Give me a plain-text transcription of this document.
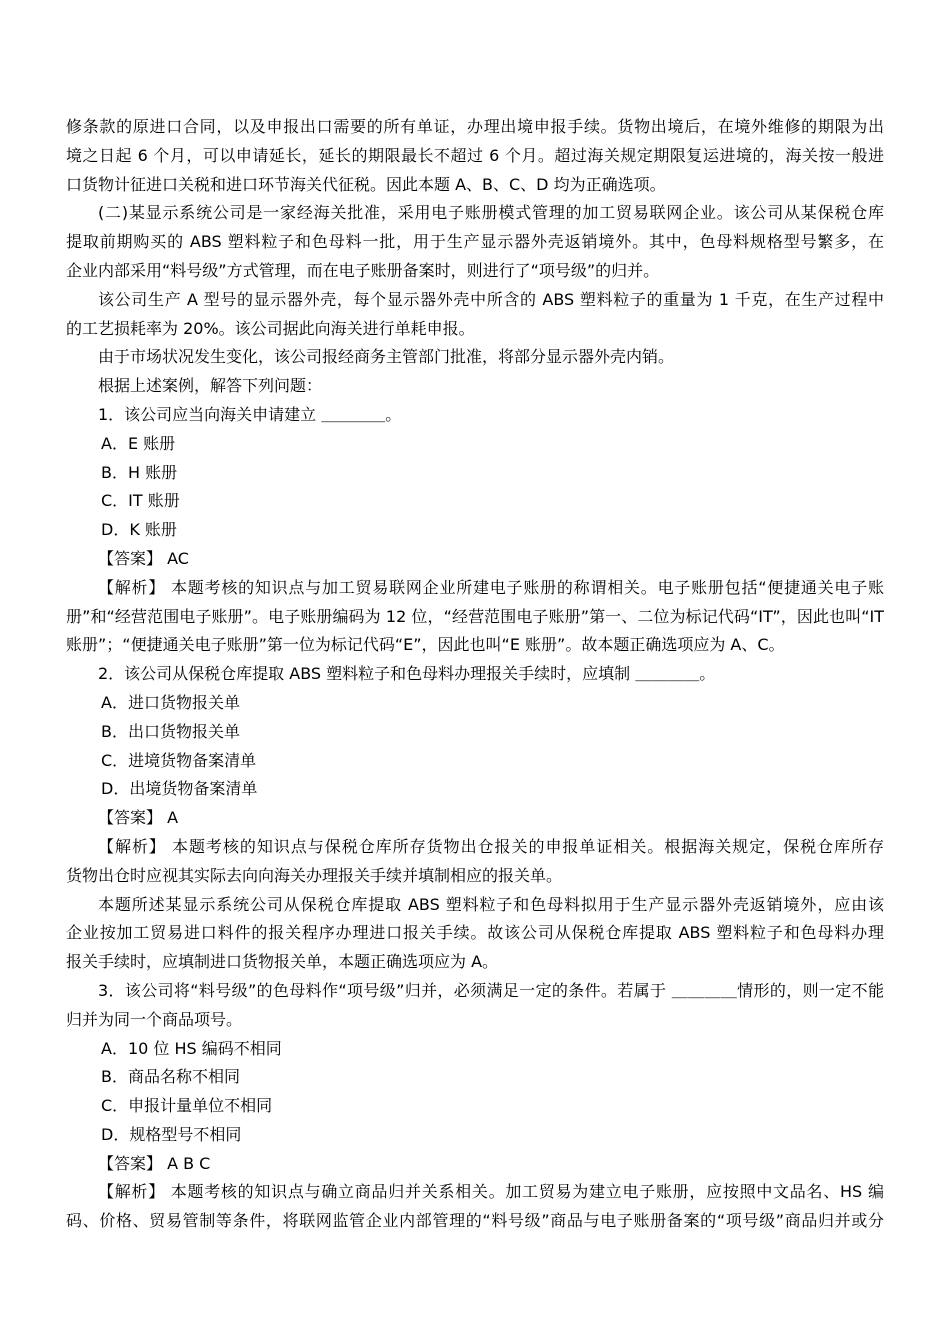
修条款的原进口合同，以及申报出口需要的所有单证，办理出境申报手续。货物出境后，在境外维修的期限为出
境之日起 6 个月，可以申请延长，延长的期限最长不超过 6 个月。超过海关规定期限复运进境的，海关按一般进
口货物计征进口关税和进口环节海关代征税。因此本题 A、B、C、D 均为正确选项。
(二)某显示系统公司是一家经海关批准，采用电子账册模式管理的加工贸易联网企业。该公司从某保税仓库
提取前期购买的 ABS 塑料粒子和色母料一批，用于生产显示器外壳返销境外。其中，色母料规格型号繁多，在
企业内部采用“料号级”方式管理，而在电子账册备案时，则进行了“项号级”的归并。
该公司生产 A 型号的显示器外壳，每个显示器外壳中所含的 ABS 塑料粒子的重量为 1 千克，在生产过程中
的工艺损耗率为 20%。该公司据此向海关进行单耗申报。
由于市场状况发生变化，该公司报经商务主管部门批准，将部分显示器外壳内销。
根据上述案例，解答下列问题：
1．该公司应当向海关申请建立 ＿＿＿＿。
A．E 账册
B．H 账册
C．IT 账册
D．K 账册
【答案】 AC
【解析】 本题考核的知识点与加工贸易联网企业所建电子账册的称谓相关。电子账册包括“便捷通关电子账
册”和“经营范围电子账册”。电子账册编码为 12 位，“经营范围电子账册”第一、二位为标记代码“IT”，因此也叫“IT
账册”；“便捷通关电子账册”第一位为标记代码“E”，因此也叫“E 账册”。故本题正确选项应为 A、C。
2．该公司从保税仓库提取 ABS 塑料粒子和色母料办理报关手续时，应填制 ＿＿＿＿。
A．进口货物报关单
B．出口货物报关单
C．进境货物备案清单
D．出境货物备案清单
【答案】 A
【解析】 本题考核的知识点与保税仓库所存货物出仓报关的申报单证相关。根据海关规定，保税仓库所存
货物出仓时应视其实际去向向海关办理报关手续并填制相应的报关单。
本题所述某显示系统公司从保税仓库提取 ABS 塑料粒子和色母料拟用于生产显示器外壳返销境外，应由该
企业按加工贸易进口料件的报关程序办理进口报关手续。故该公司从保税仓库提取 ABS 塑料粒子和色母料办理
报关手续时，应填制进口货物报关单，本题正确选项应为 A。
3．该公司将“料号级”的色母料作“项号级”归并，必须满足一定的条件。若属于 ＿＿＿＿情形的，则一定不能
归并为同一个商品项号。
A．10 位 HS 编码不相同
B．商品名称不相同
C．申报计量单位不相同
D．规格型号不相同
【答案】 A B C
【解析】 本题考核的知识点与确立商品归并关系相关。加工贸易为建立电子账册，应按照中文品名、HS 编
码、价格、贸易管制等条件，将联网监管企业内部管理的“料号级”商品与电子账册备案的“项号级”商品归并或分
